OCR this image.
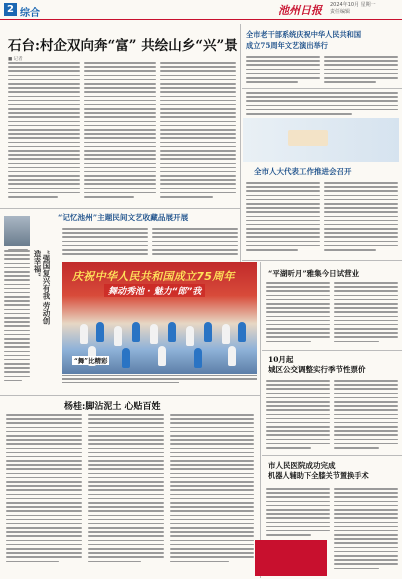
2 综合	池州日报 2024年10月 星期一
责任编辑
石台:村企双向奔“富” 共绘山乡“兴”景
■ 记者
全市老干部系统庆祝中华人民共和国
成立75周年文艺演出举行
全市人大代表工作推进会召开
“记忆池州”主题民间文艺收藏品展开展
“强国复兴有我 劳动创造幸福”	庆祝中华人民共和国成立75周年
舞动秀池 · 魅力“郎”我
“舞”比精彩
“平湖听月”雅集今日试营业
10月起
城区公交调整实行季节性票价
杨桂:脚沾泥土 心贴百姓
市人民医院成功完成
机器人辅助下全膝关节置换手术
